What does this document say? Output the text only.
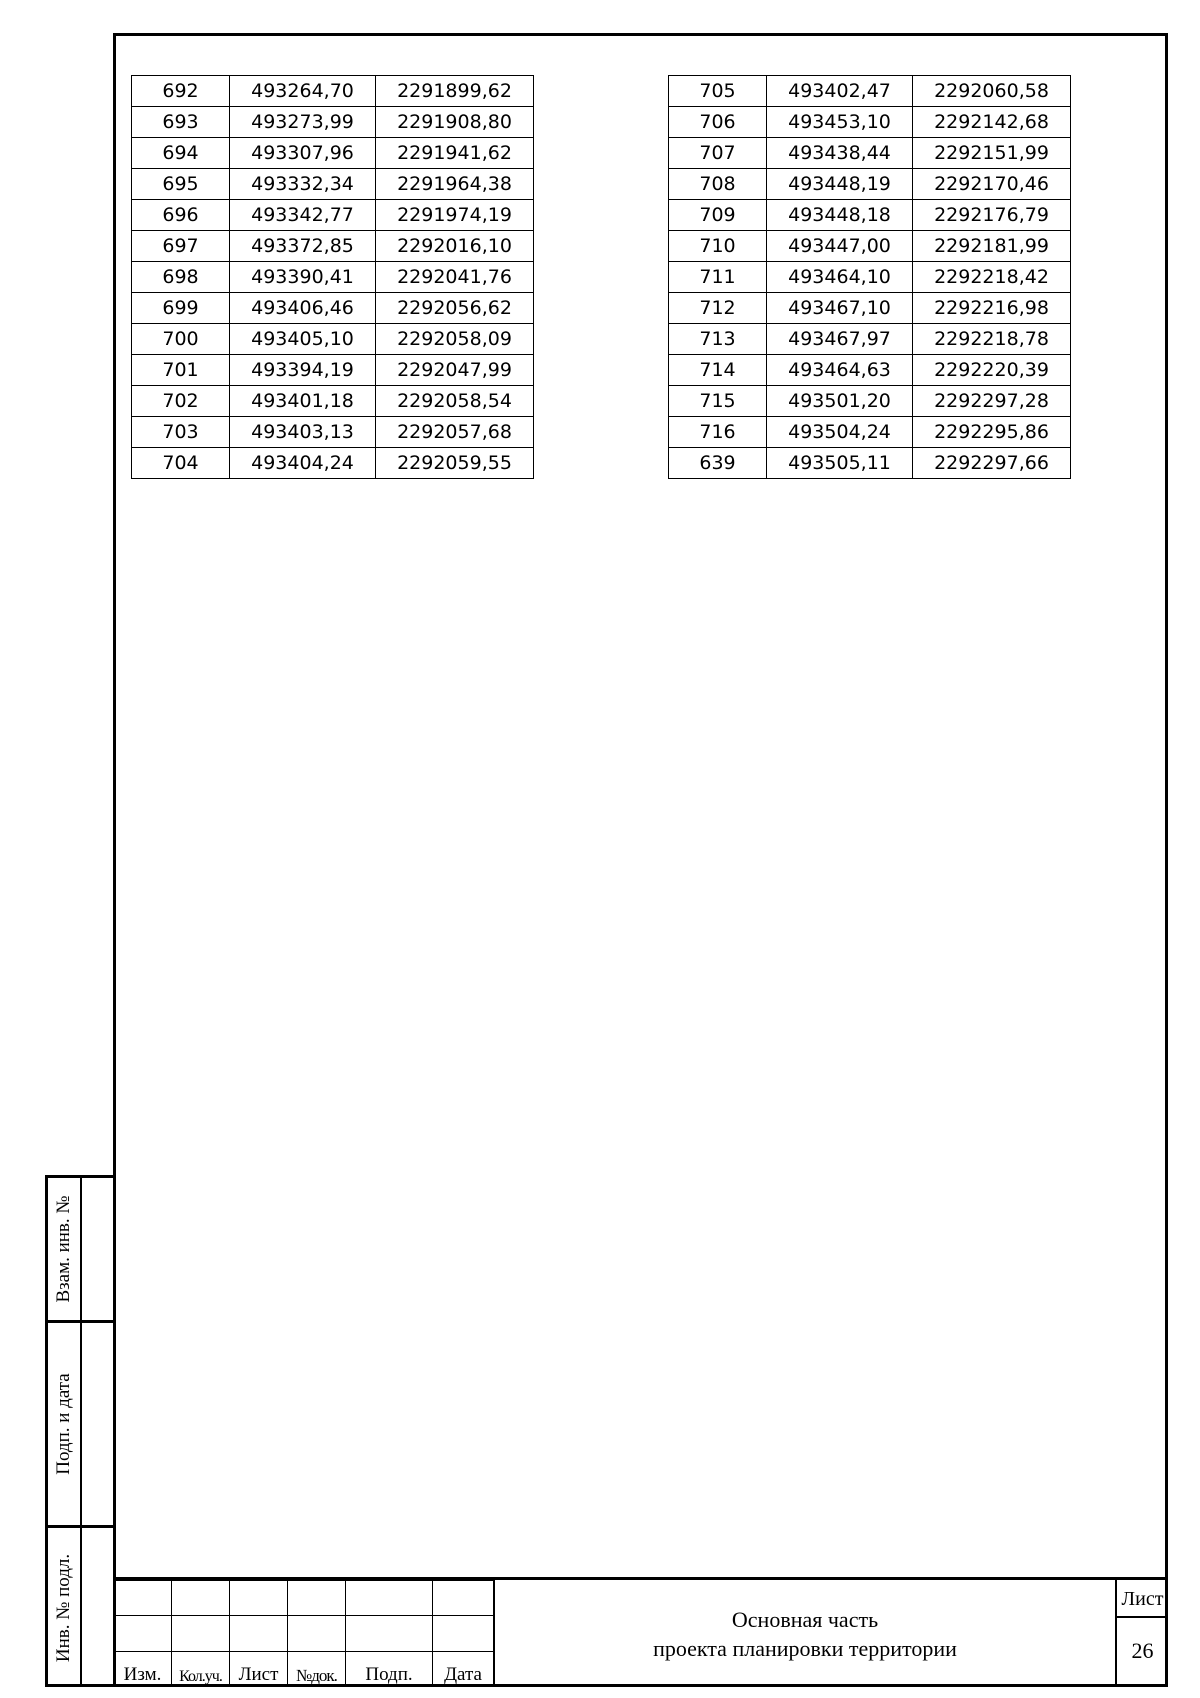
692	493264,70	2291899,62
693	493273,99	2291908,80
694	493307,96	2291941,62
695	493332,34	2291964,38
696	493342,77	2291974,19
697	493372,85	2292016,10
698	493390,41	2292041,76
699	493406,46	2292056,62
700	493405,10	2292058,09
701	493394,19	2292047,99
702	493401,18	2292058,54
703	493403,13	2292057,68
704	493404,24	2292059,55
705	493402,47	2292060,58
706	493453,10	2292142,68
707	493438,44	2292151,99
708	493448,19	2292170,46
709	493448,18	2292176,79
710	493447,00	2292181,99
711	493464,10	2292218,42
712	493467,10	2292216,98
713	493467,97	2292218,78
714	493464,63	2292220,39
715	493501,20	2292297,28
716	493504,24	2292295,86
639	493505,11	2292297,66
Взам. инв. №
Подп. и дата
Инв. № подл.

Изм.	Кол.уч.	Лист	№док.	Подп.	Дата
Основная часть
проекта планировки территории
Лист
26
